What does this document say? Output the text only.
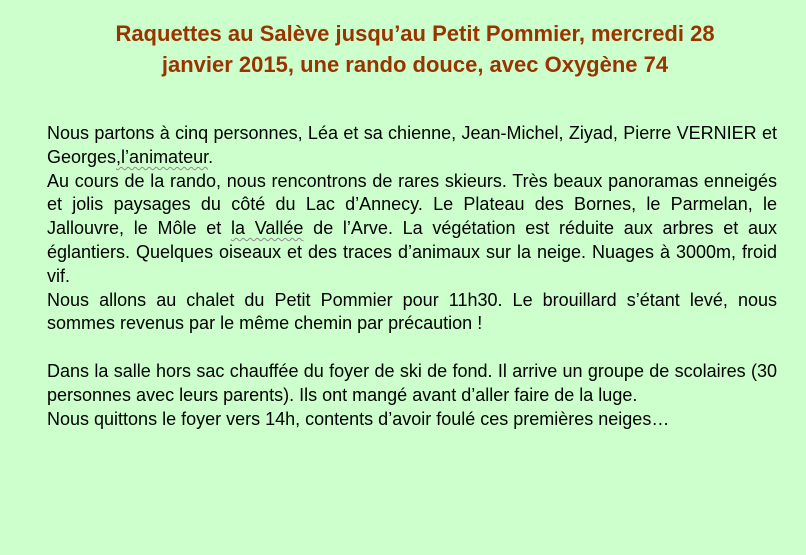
Raquettes au Salève jusqu’au Petit Pommier, mercredi 28
janvier 2015, une rando douce, avec Oxygène 74

Nous partons à cinq personnes, Léa et sa chienne, Jean-Michel, Ziyad, Pierre VERNIER et Georges,l’animateur.

Au cours de la rando, nous rencontrons de rares skieurs. Très beaux panoramas enneigés et jolis paysages du côté du Lac d’Annecy. Le Plateau des Bornes, le Parmelan, le Jallouvre, le Môle et la Vallée de l’Arve. La végétation est réduite aux arbres et aux églantiers. Quelques oiseaux et des traces d’animaux sur la neige. Nuages à 3000m, froid vif.

Nous allons au chalet du Petit Pommier pour 11h30. Le brouillard s’étant levé, nous sommes revenus par le même chemin par précaution !

Dans la salle hors sac chauffée du foyer de ski de fond. Il arrive un groupe de scolaires (30 personnes avec leurs parents). Ils ont mangé avant d’aller faire de la luge.

Nous quittons le foyer vers 14h, contents d’avoir foulé ces premières neiges…
